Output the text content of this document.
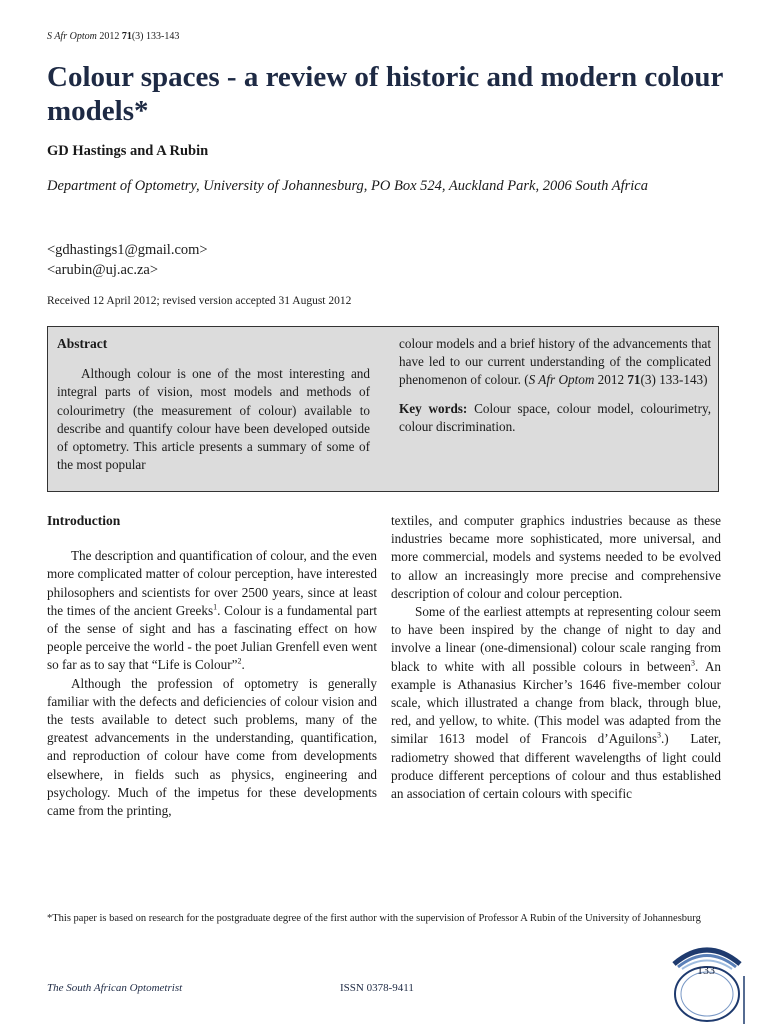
S Afr Optom 2012 71(3) 133-143
Colour spaces - a review of historic and modern colour models*
GD Hastings and A Rubin
Department of Optometry, University of Johannesburg, PO Box 524, Auckland Park, 2006 South Africa
<gdhastings1@gmail.com>
<arubin@uj.ac.za>
Received 12 April 2012; revised version accepted 31 August 2012
Abstract

Although colour is one of the most interesting and integral parts of vision, most models and methods of colourimetry (the measurement of colour) available to describe and quantify colour have been developed outside of optometry. This article presents a summary of some of the most popular

colour models and a brief history of the advancements that have led to our current understanding of the complicated phenomenon of colour. (S Afr Optom 2012 71(3) 133-143)

Key words: Colour space, colour model, colourimetry, colour discrimination.

Introduction

The description and quantification of colour, and the even more complicated matter of colour perception, have interested philosophers and scientists for over 2500 years, since at least the times of the ancient Greeks$^1$. Colour is a fundamental part of the sense of sight and has a fascinating effect on how people perceive the world - the poet Julian Grenfell even went so far as to say that “Life is Colour”$^2$.

Although the profession of optometry is generally familiar with the defects and deficiencies of colour vision and the tests available to detect such problems, many of the greatest advancements in the understanding, quantification, and reproduction of colour have come from developments elsewhere, in fields such as physics, engineering and psychology. Much of the impetus for these developments came from the printing,

textiles, and computer graphics industries because as these industries became more sophisticated, more universal, and more commercial, models and systems needed to be evolved to allow an increasingly more precise and comprehensive description of colour and colour perception.

Some of the earliest attempts at representing colour seem to have been inspired by the change of night to day and involve a linear (one-dimensional) colour scale ranging from black to white with all possible colours in between$^3$. An example is Athanasius Kircher’s 1646 five-member colour scale, which illustrated a change from black, through blue, red, and yellow, to white. (This model was adapted from the similar 1613 model of Francois d’Aguilons$^3$.)  Later, radiometry showed that different wavelengths of light could produce different perceptions of colour and thus established an association of certain colours with specific

*This paper is based on research for the postgraduate degree of the first author with the supervision of Professor A Rubin of the University of Johannesburg
The South African Optometrist	ISSN 0378-9411
133
